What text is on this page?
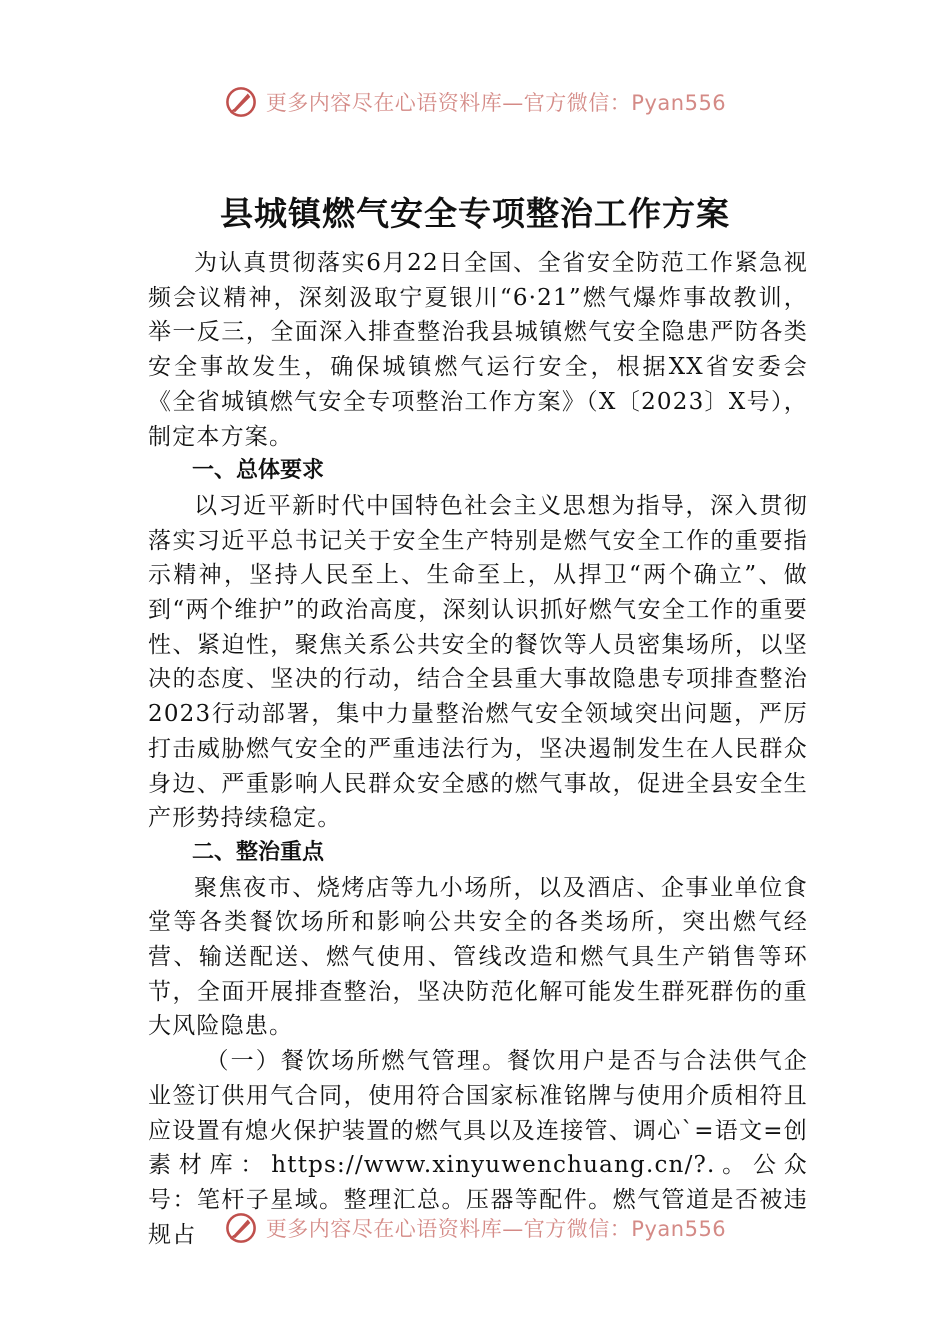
更多内容尽在心语资料库—官方微信：Pyan556
县城镇燃气安全专项整治工作方案

为认真贯彻落实6月22日全国、全省安全防范工作紧急视频会议精神，深刻汲取宁夏银川“6·21”燃气爆炸事故教训，举一反三，全面深入排查整治我县城镇燃气安全隐患严防各类安全事故发生，确保城镇燃气运行安全，根据XX省安委会《全省城镇燃气安全专项整治工作方案》（X〔2023〕X号），制定本方案。

一、总体要求

以习近平新时代中国特色社会主义思想为指导，深入贯彻落实习近平总书记关于安全生产特别是燃气安全工作的重要指示精神，坚持人民至上、生命至上，从捍卫“两个确立”、做到“两个维护”的政治高度，深刻认识抓好燃气安全工作的重要性、紧迫性，聚焦关系公共安全的餐饮等人员密集场所，以坚决的态度、坚决的行动，结合全县重大事故隐患专项排查整治2023行动部署，集中力量整治燃气安全领域突出问题，严厉打击威胁燃气安全的严重违法行为，坚决遏制发生在人民群众身边、严重影响人民群众安全感的燃气事故，促进全县安全生产形势持续稳定。

二、整治重点

聚焦夜市、烧烤店等九小场所，以及酒店、企事业单位食堂等各类餐饮场所和影响公共安全的各类场所，突出燃气经营、输送配送、燃气使用、管线改造和燃气具生产销售等环节，全面开展排查整治，坚决防范化解可能发生群死群伤的重大风险隐患。

（一）餐饮场所燃气管理。餐饮用户是否与合法供气企业签订供用气合同，使用符合国家标准铭牌与使用介质相符且应设置有熄火保护装置的燃气具以及连接管、调心`=语文=创素材库：https://www.xinyuwenchuang.cn/?.。公众号：笔杆子星域。整理汇总。压器等配件。燃气管道是否被违规占	更多内容尽在心语资料库—官方微信：Pyan556
